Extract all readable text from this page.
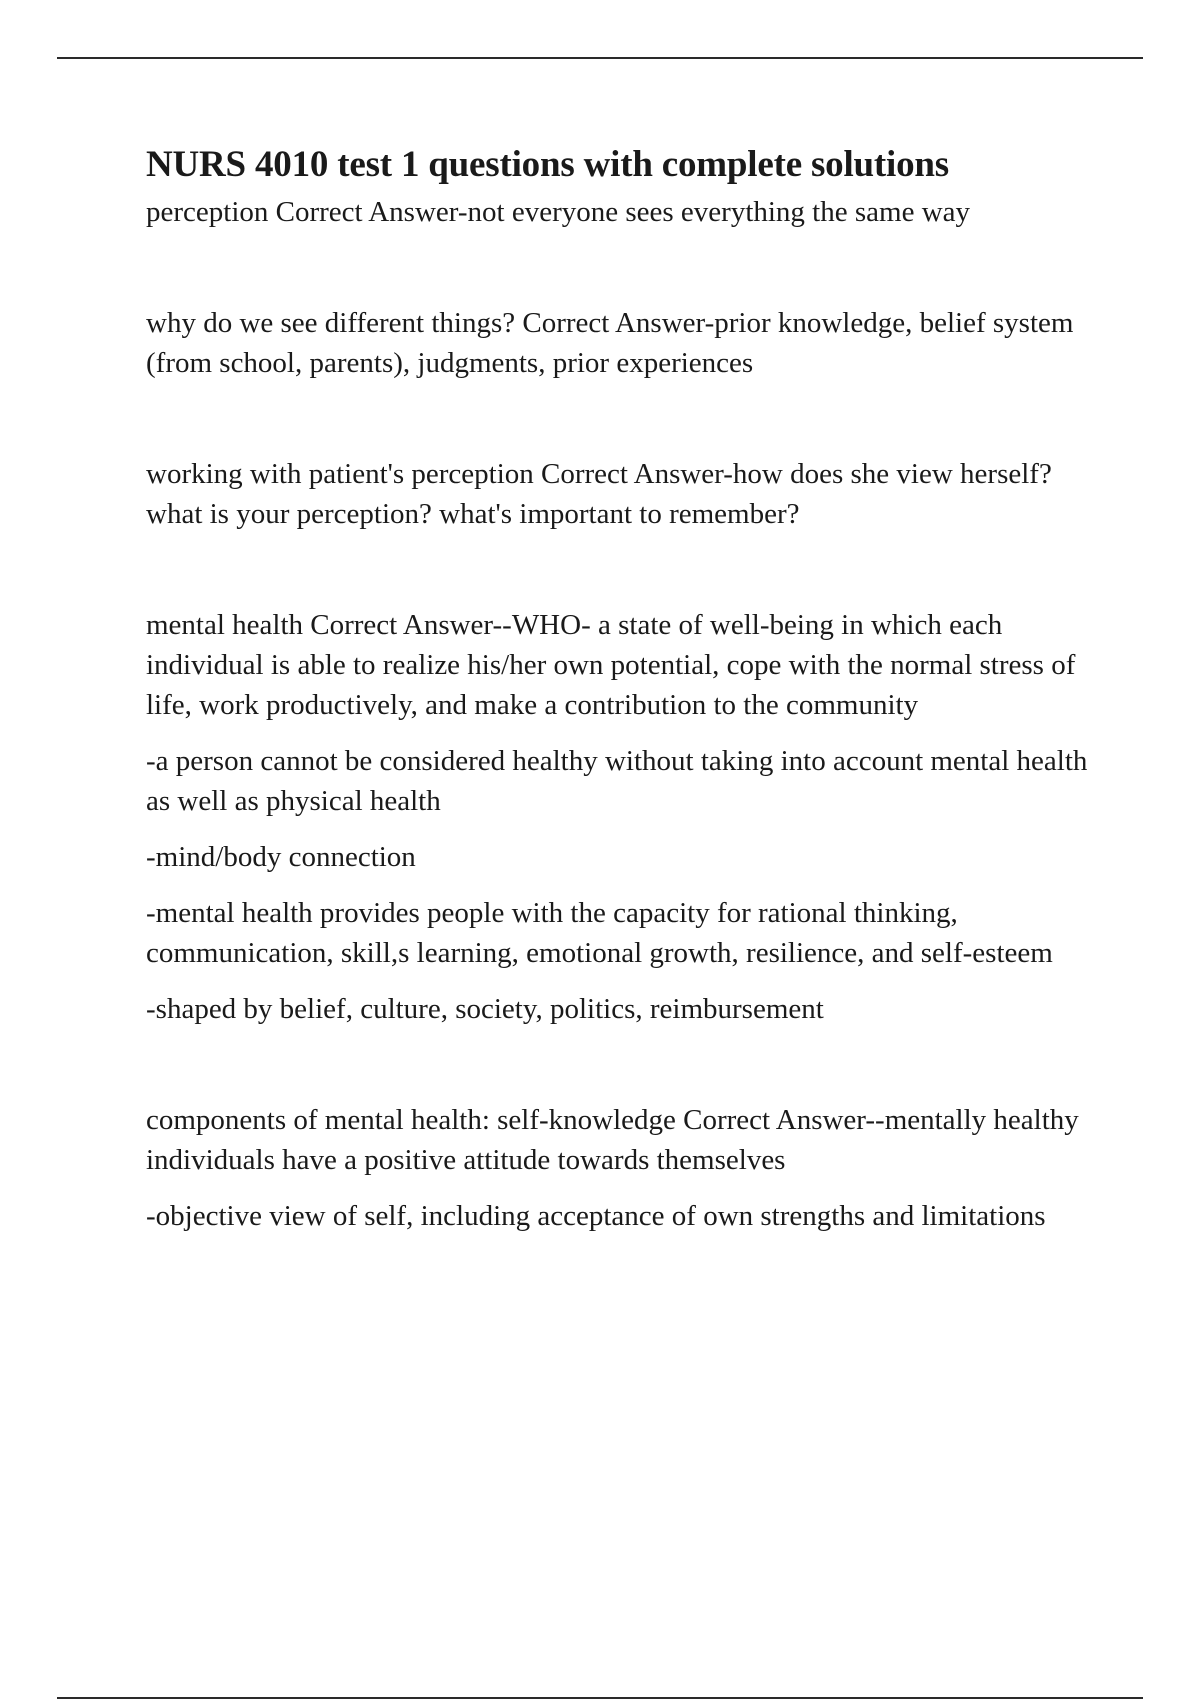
NURS 4010 test 1 questions with complete solutions

perception Correct Answer-not everyone sees everything the same way

why do we see different things? Correct Answer-prior knowledge, belief system (from school, parents), judgments, prior experiences

working with patient's perception Correct Answer-how does she view herself? what is your perception? what's important to remember?

mental health Correct Answer--WHO- a state of well-being in which each individual is able to realize his/her own potential, cope with the normal stress of life, work productively, and make a contribution to the community

-a person cannot be considered healthy without taking into account mental health as well as physical health

-mind/body connection

-mental health provides people with the capacity for rational thinking, communication, skill,s learning, emotional growth, resilience, and self-esteem

-shaped by belief, culture, society, politics, reimbursement

components of mental health: self-knowledge Correct Answer--mentally healthy individuals have a positive attitude towards themselves

-objective view of self, including acceptance of own strengths and limitations
